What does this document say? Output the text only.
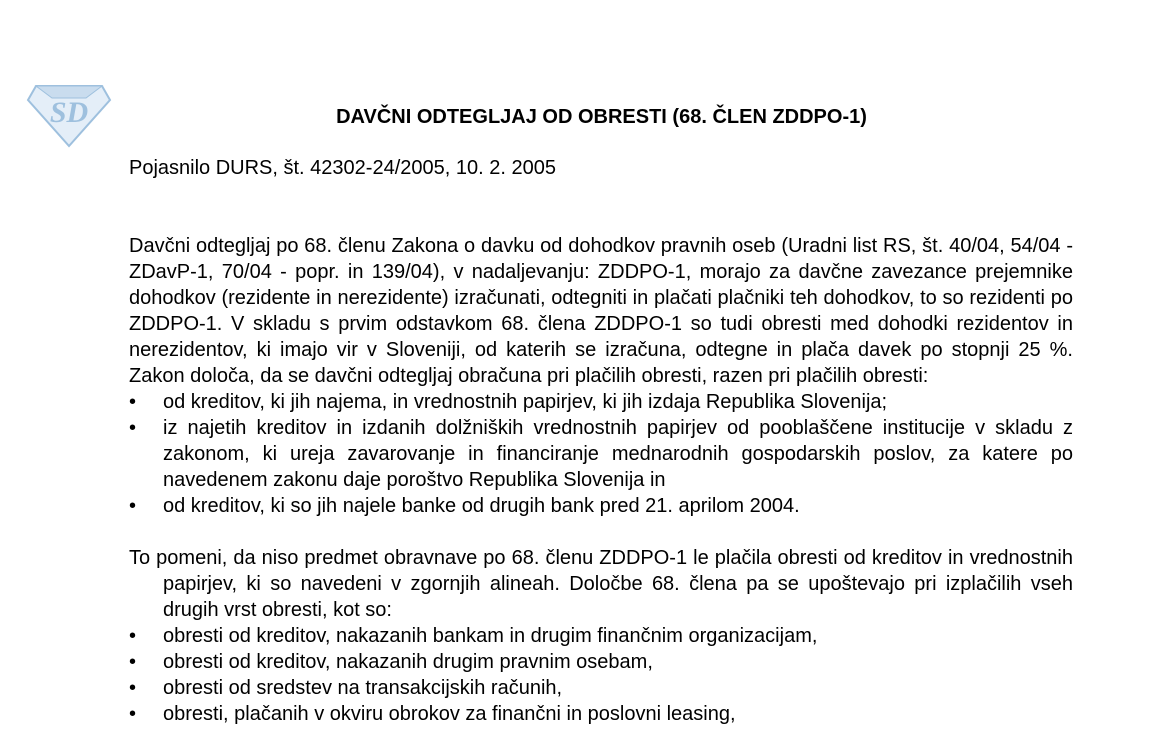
SD	DAVČNI ODTEGLJAJ OD OBRESTI (68. ČLEN ZDDPO-1)

Pojasnilo DURS, št. 42302-24/2005, 10. 2. 2005

Davčni odtegljaj po 68. členu Zakona o davku od dohodkov pravnih oseb (Uradni list RS, št. 40/04, 54/04 - ZDavP-1, 70/04 - popr. in 139/04), v nadaljevanju: ZDDPO-1, morajo za davčne zavezance prejemnike dohodkov (rezidente in nerezidente) izračunati, odtegniti in plačati plačniki teh dohodkov, to so rezidenti po ZDDPO-1. V skladu s prvim odstavkom 68. člena ZDDPO-1 so tudi obresti med dohodki rezidentov in nerezidentov, ki imajo vir v Sloveniji, od katerih se izračuna, odtegne in plača davek po stopnji 25 %. Zakon določa, da se davčni odtegljaj obračuna pri plačilih obresti, razen pri plačilih obresti:

•	od kreditov, ki jih najema, in vrednostnih papirjev, ki jih izdaja Republika Slovenija;
•	iz najetih kreditov in izdanih dolžniških vrednostnih papirjev od pooblaščene institucije v skladu z zakonom, ki ureja zavarovanje in financiranje mednarodnih gospodarskih poslov, za katere po navedenem zakonu daje poroštvo Republika Slovenija in
•	od kreditov, ki so jih najele banke od drugih bank pred 21. aprilom 2004.

To pomeni, da niso predmet obravnave po 68. členu ZDDPO-1 le plačila obresti od kreditov in vrednostnih papirjev, ki so navedeni v zgornjih alineah. Določbe 68. člena pa se upoštevajo pri izplačilih vseh drugih vrst obresti, kot so:

•	obresti od kreditov, nakazanih bankam in drugim finančnim organizacijam,
•	obresti od kreditov, nakazanih drugim pravnim osebam,
•	obresti od sredstev na transakcijskih računih,
•	obresti, plačanih v okviru obrokov za finančni in poslovni leasing,
